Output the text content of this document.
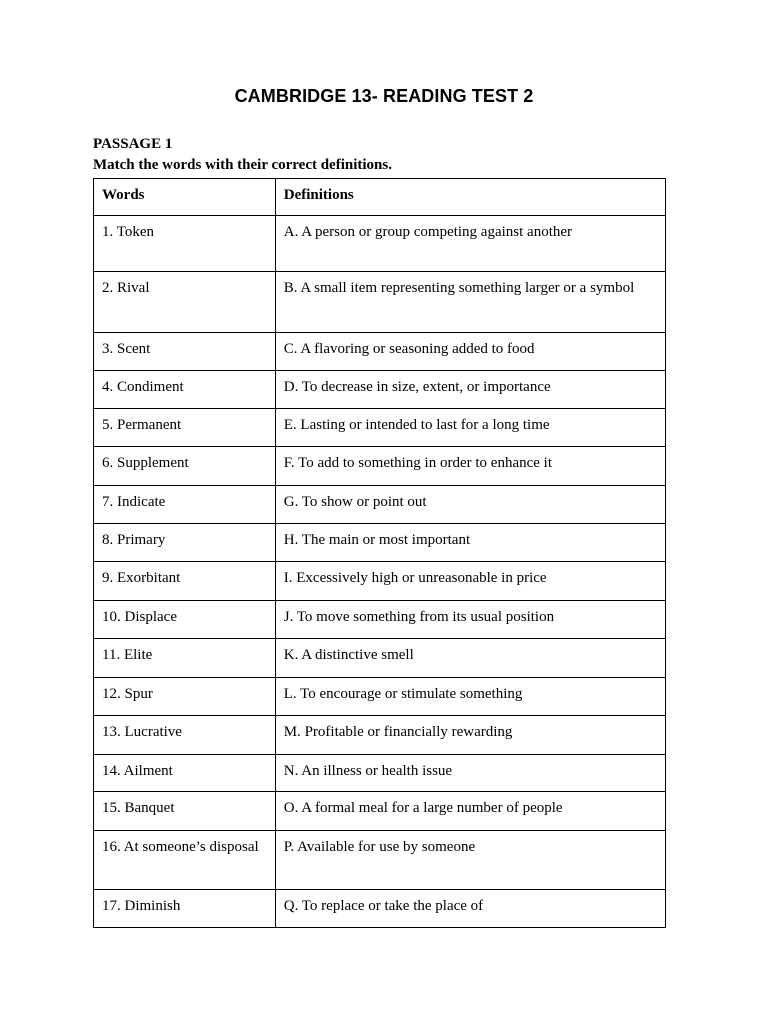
CAMBRIDGE 13- READING TEST 2
PASSAGE 1
Match the words with their correct definitions.
Words	Definitions
1. Token	A. A person or group competing against another
2. Rival	B. A small item representing something larger or a symbol
3. Scent	C. A flavoring or seasoning added to food
4. Condiment	D. To decrease in size, extent, or importance
5. Permanent	E. Lasting or intended to last for a long time
6. Supplement	F. To add to something in order to enhance it
7. Indicate	G. To show or point out
8. Primary	H. The main or most important
9. Exorbitant	I. Excessively high or unreasonable in price
10. Displace	J. To move something from its usual position
11. Elite	K. A distinctive smell
12. Spur	L. To encourage or stimulate something
13. Lucrative	M. Profitable or financially rewarding
14. Ailment	N. An illness or health issue
15. Banquet	O. A formal meal for a large number of people
16. At someone’s disposal	P. Available for use by someone
17. Diminish	Q. To replace or take the place of
